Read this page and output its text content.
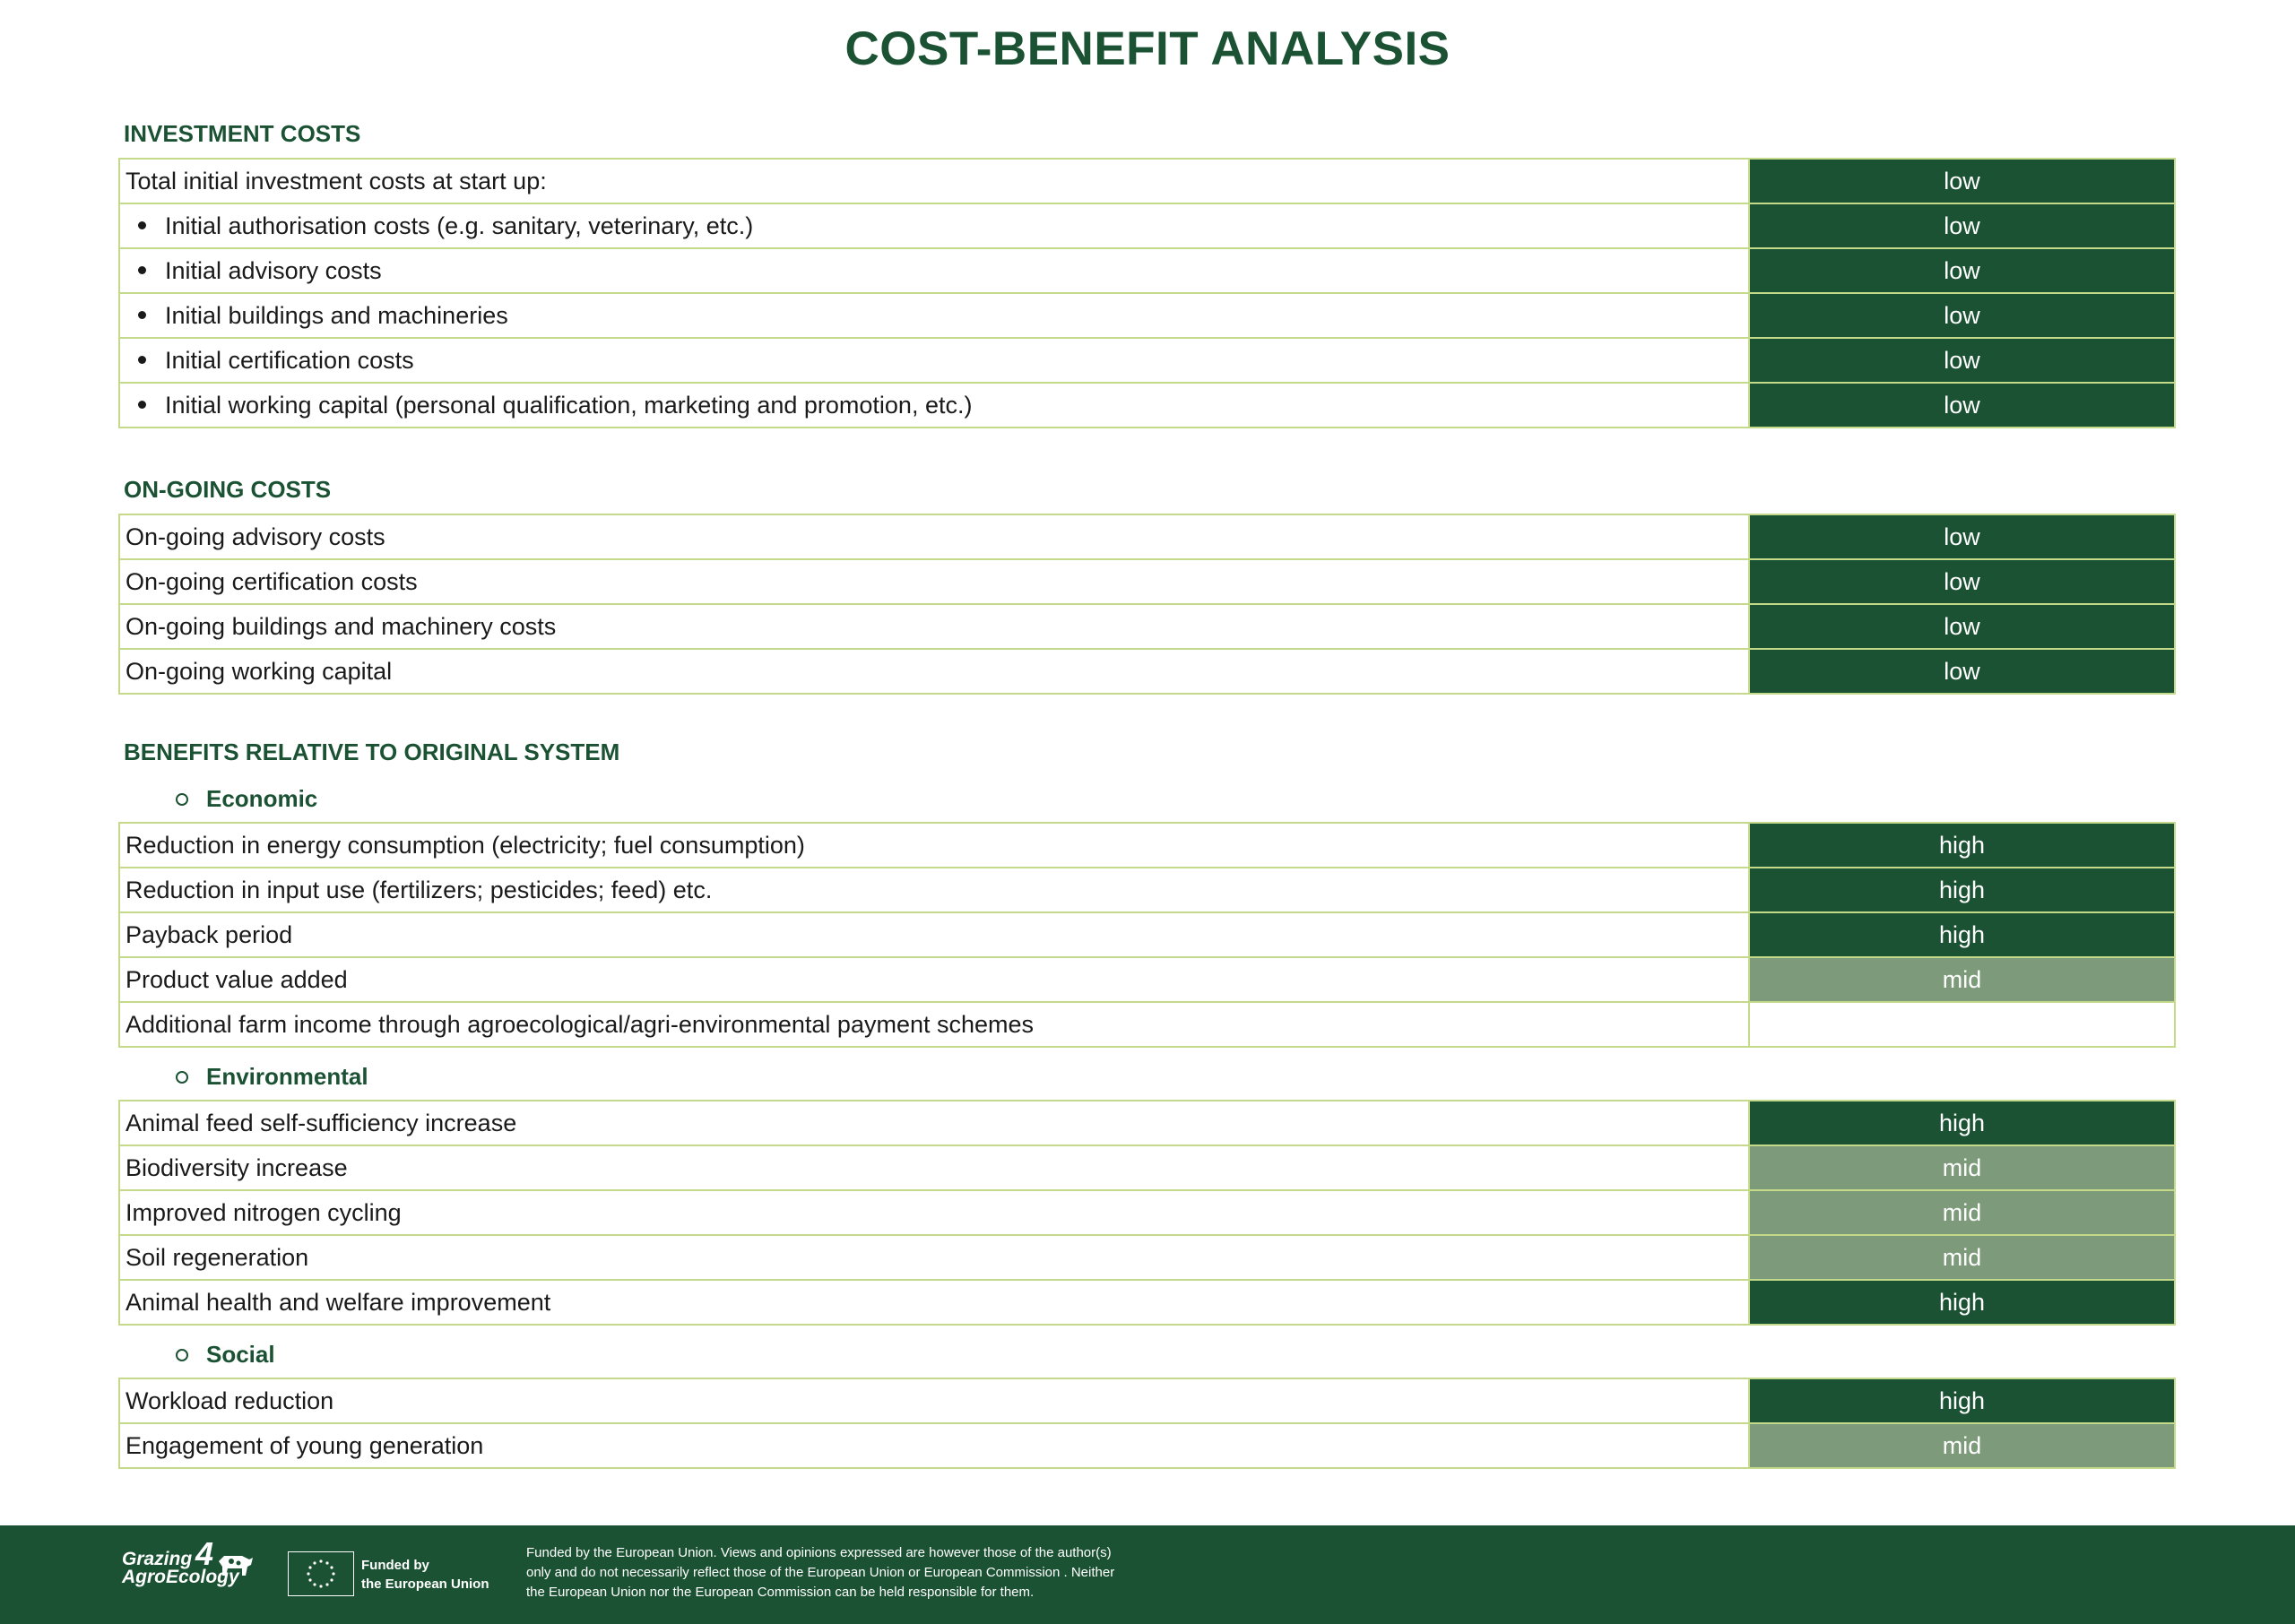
COST-BENEFIT ANALYSIS
INVESTMENT COSTS
Total initial investment costs at start up:	low
Initial authorisation costs (e.g. sanitary, veterinary, etc.)	low
Initial advisory costs	low
Initial buildings and machineries	low
Initial certification costs	low
Initial working capital (personal qualification, marketing and promotion, etc.)	low
ON-GOING COSTS
On-going advisory costs	low
On-going certification costs	low
On-going buildings and machinery costs	low
On-going working capital	low
BENEFITS RELATIVE TO ORIGINAL SYSTEM
Economic
Reduction in energy consumption (electricity; fuel consumption)	high
Reduction in input use (fertilizers; pesticides; feed) etc.	high
Payback period	high
Product value added	mid
Additional farm income through agroecological/agri-environmental payment schemes	not applicable/not known
Environmental
Animal feed self-sufficiency increase	high
Biodiversity increase	mid
Improved nitrogen cycling	mid
Soil regeneration	mid
Animal health and welfare improvement	high
Social
Workload reduction	high
Engagement of young generation	mid
Grazing
AgroEcology
4	Funded by
the European Union
Funded by the European Union. Views and opinions expressed are however those of the author(s)
only and do not necessarily reflect those of the European Union or European Commission . Neither
the European Union nor the European Commission can be held responsible for them.
